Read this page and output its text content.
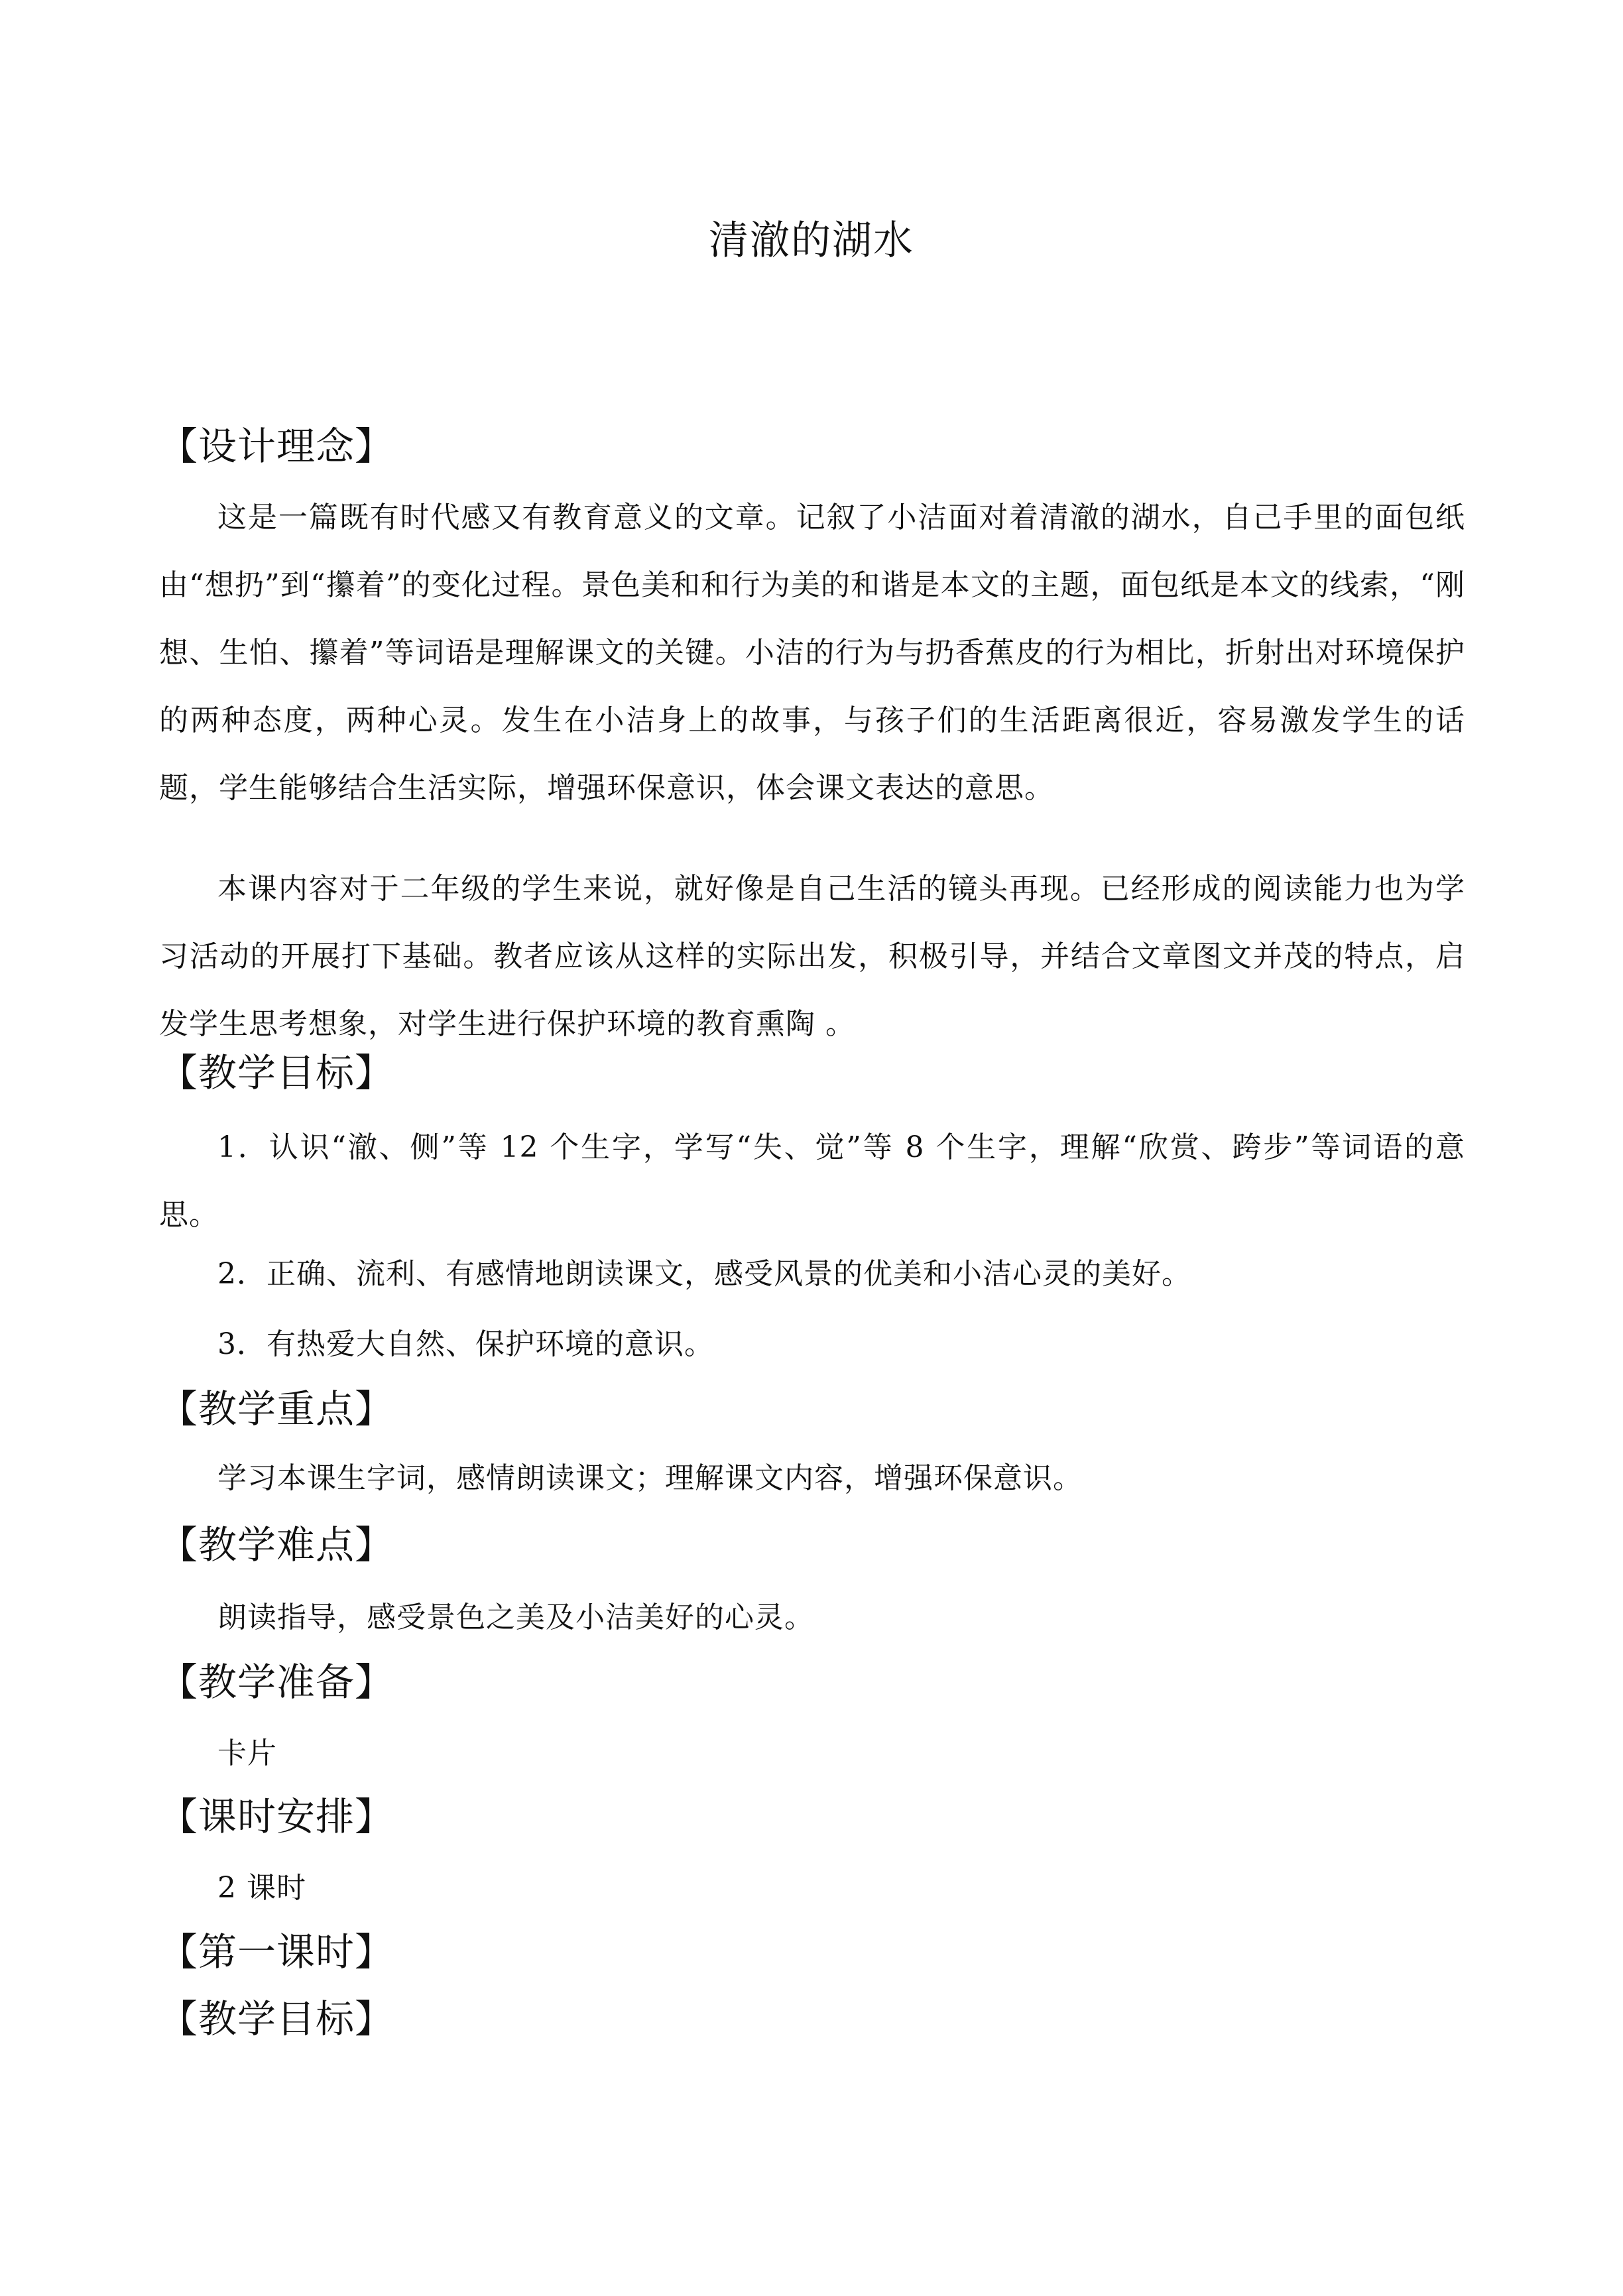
清澈的湖水
【设计理念】
这是一篇既有时代感又有教育意义的文章。记叙了小洁面对着清澈的湖水，自己手里的面包纸由“想扔”到“攥着”的变化过程。景色美和和行为美的和谐是本文的主题，面包纸是本文的线索，“刚想、生怕、攥着”等词语是理解课文的关键。小洁的行为与扔香蕉皮的行为相比，折射出对环境保护的两种态度，两种心灵。发生在小洁身上的故事，与孩子们的生活距离很近，容易激发学生的话题，学生能够结合生活实际，增强环保意识，体会课文表达的意思。
本课内容对于二年级的学生来说，就好像是自己生活的镜头再现。已经形成的阅读能力也为学习活动的开展打下基础。教者应该从这样的实际出发，积极引导，并结合文章图文并茂的特点，启发学生思考想象，对学生进行保护环境的教育熏陶 。
【教学目标】
1．认识“澈、侧”等 12 个生字，学写“失、觉”等 8 个生字，理解“欣赏、跨步”等词语的意思。
2．正确、流利、有感情地朗读课文，感受风景的优美和小洁心灵的美好。
3．有热爱大自然、保护环境的意识。
【教学重点】
学习本课生字词，感情朗读课文；理解课文内容，增强环保意识。
【教学难点】
朗读指导，感受景色之美及小洁美好的心灵。
【教学准备】
卡片
【课时安排】
2 课时
【第一课时】
【教学目标】
